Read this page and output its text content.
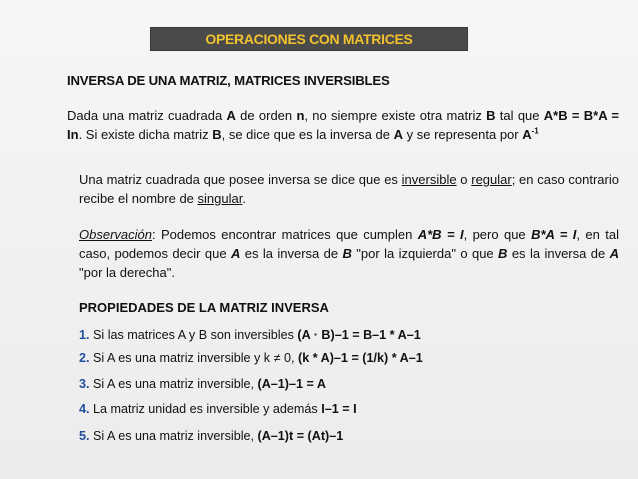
OPERACIONES CON MATRICES
INVERSA DE UNA MATRIZ, MATRICES INVERSIBLES
Dada una matriz cuadrada A de orden n, no siempre existe otra matriz B tal que A*B = B*A = In. Si existe dicha matriz B, se dice que es la inversa de A y se representa por $A^{-1}$
Una matriz cuadrada que posee inversa se dice que es inversible o regular; en caso contrario recibe el nombre de singular.
Observación: Podemos encontrar matrices que cumplen A*B = I, pero que B*A = I, en tal caso, podemos decir que A es la inversa de B "por la izquierda" o que B es la inversa de A "por la derecha".
PROPIEDADES DE LA MATRIZ INVERSA
1. Si las matrices A y B son inversibles (A · B)–1 = B–1 * A–1
2. Si A es una matriz inversible y k ≠ 0, (k * A)–1 = (1/k) * A–1
3. Si A es una matriz inversible, (A–1)–1 = A
4. La matriz unidad es inversible y además I–1 = I
5. Si A es una matriz inversible, (A–1)t = (At)–1
